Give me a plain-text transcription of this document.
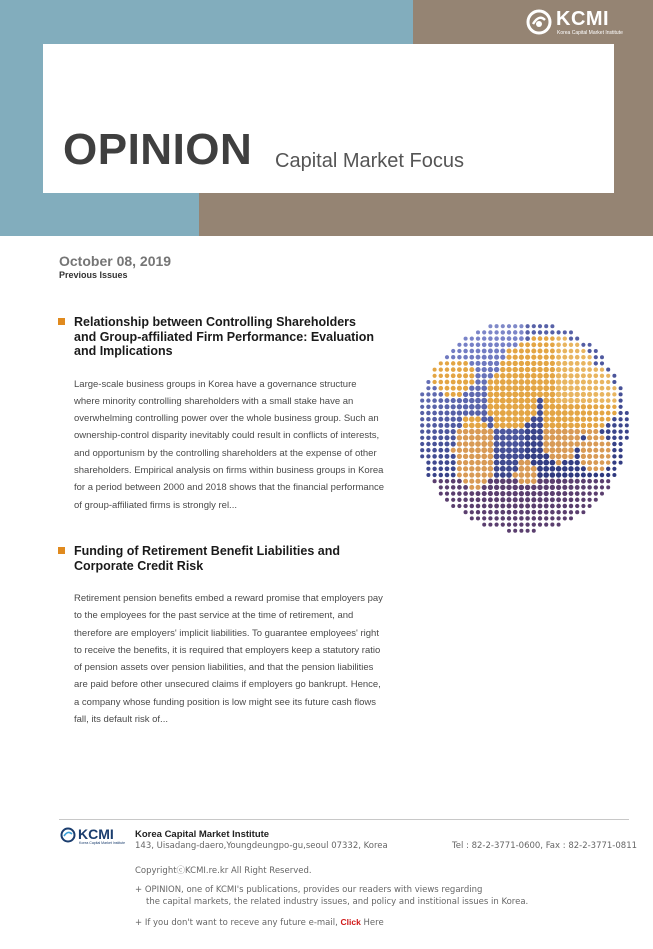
KCMI
Korea Capital Market Institute
OPINION Capital Market Focus
October 08, 2019
Previous Issues
Relationship between Controlling Shareholders and Group-affiliated Firm Performance: Evaluation and Implications
Large-scale business groups in Korea have a governance structure where minority controlling shareholders with a small stake have an overwhelming controlling power over the whole business group. Such an ownership-control disparity inevitably could result in conflicts of interests, and opportunism by the controlling shareholders at the expense of other shareholders. Empirical analysis on firms within business groups in Korea for a period between 2000 and 2018 shows that the financial performance of group-affiliated firms is strongly rel...
Funding of Retirement Benefit Liabilities and Corporate Credit Risk
Retirement pension benefits embed a reward promise that employers pay to the employees for the past service at the time of retirement, and therefore are employers' implicit liabilities. To guarantee employees' right to receive the benefits, it is required that employers keep a statutory ratio of pension assets over pension liabilities, and that the pension liabilities are paid before other unsecured claims if employers go bankrupt. Hence, a company whose funding position is low might see its future cash flows fall, its default risk of...
KCMI
Korea Capital Market Institute
Korea Capital Market Institute
143, Uisadang-daero,Youngdeungpo-gu,seoul 07332, Korea	Tel : 82-2-3771-0600, Fax : 82-2-3771-0811
CopyrightⓒKCMI.re.kr All Right Reserved.
+ OPINION, one of KCMI's publications, provides our readers with views regarding
the capital markets, the related industry issues, and policy and institional issues in Korea.
+ If you don't want to receve any future e-mail, Click Here
